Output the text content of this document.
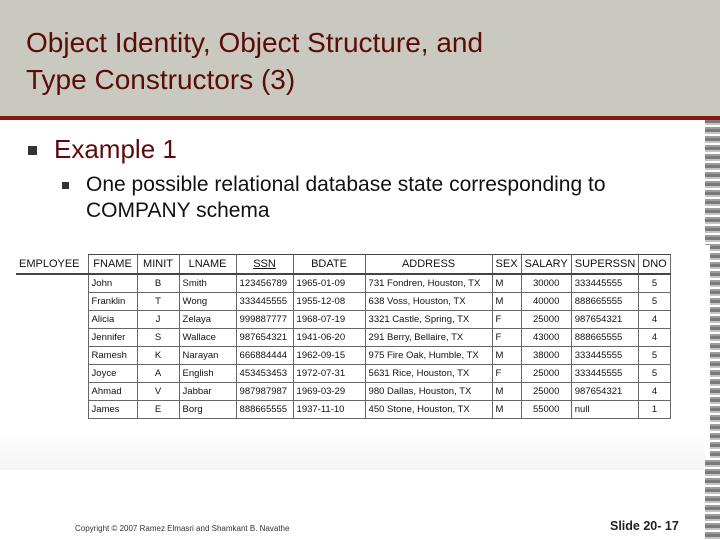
Object Identity, Object Structure, and
Type Constructors (3)
Example 1
One possible relational database state corresponding to COMPANY schema
EMPLOYEE	FNAME	MINIT	LNAME	SSN	BDATE	ADDRESS	SEX	SALARY	SUPERSSN	DNO
	John	B	Smith	123456789	1965-01-09	731 Fondren, Houston, TX	M	30000	333445555	5
	Franklin	T	Wong	333445555	1955-12-08	638 Voss, Houston, TX	M	40000	888665555	5
	Alicia	J	Zelaya	999887777	1968-07-19	3321 Castle, Spring, TX	F	25000	987654321	4
	Jennifer	S	Wallace	987654321	1941-06-20	291 Berry, Bellaire, TX	F	43000	888665555	4
	Ramesh	K	Narayan	666884444	1962-09-15	975 Fire Oak, Humble, TX	M	38000	333445555	5
	Joyce	A	English	453453453	1972-07-31	5631 Rice, Houston, TX	F	25000	333445555	5
	Ahmad	V	Jabbar	987987987	1969-03-29	980 Dallas, Houston, TX	M	25000	987654321	4
	James	E	Borg	888665555	1937-11-10	450 Stone, Houston, TX	M	55000	null	1
Copyright © 2007 Ramez Elmasri and Shamkant B. Navathe	Slide 20- 17
